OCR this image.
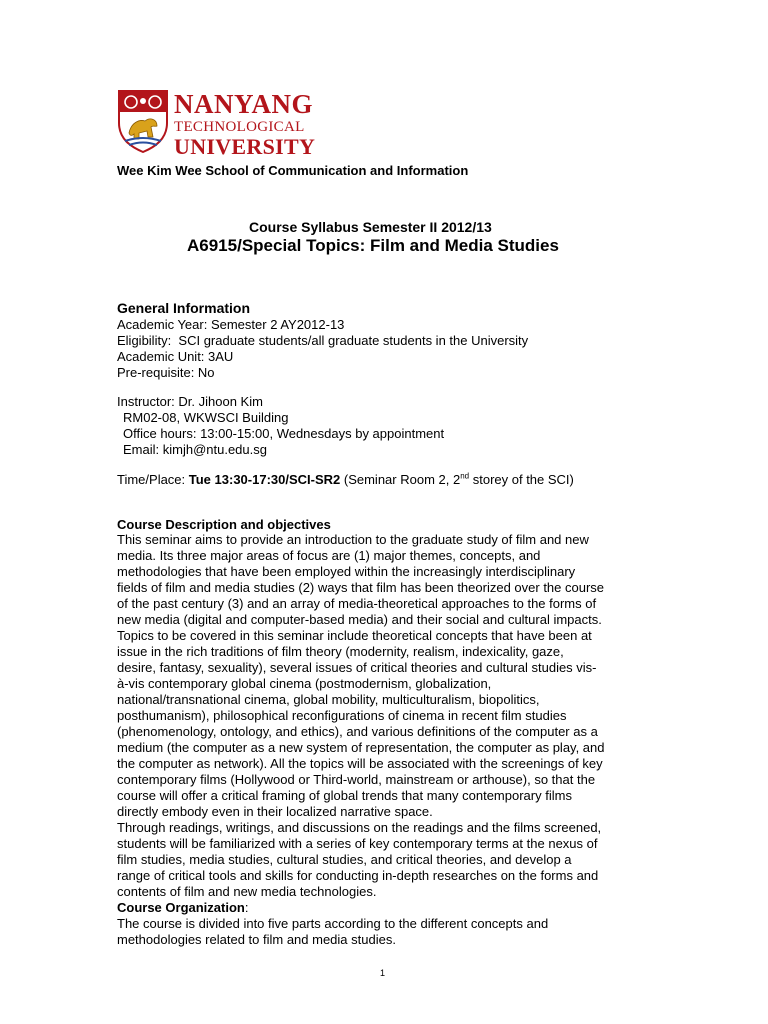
NANYANG
TECHNOLOGICAL
UNIVERSITY
Wee Kim Wee School of Communication and Information
Course Syllabus Semester II 2012/13
A6915/Special Topics: Film and Media Studies
General Information
Academic Year: Semester 2 AY2012-13
Eligibility:  SCI graduate students/all graduate students in the University
Academic Unit: 3AU
Pre-requisite: No
Instructor: Dr. Jihoon Kim
RM02-08, WKWSCI Building
Office hours: 13:00-15:00, Wednesdays by appointment
Email: kimjh@ntu.edu.sg
Time/Place: Tue 13:30-17:30/SCI-SR2 (Seminar Room 2, 2nd storey of the SCI)
Course Description and objectives
This seminar aims to provide an introduction to the graduate study of film and new
media. Its three major areas of focus are (1) major themes, concepts, and
methodologies that have been employed within the increasingly interdisciplinary
fields of film and media studies (2) ways that film has been theorized over the course
of the past century (3) and an array of media-theoretical approaches to the forms of
new media (digital and computer-based media) and their social and cultural impacts.
Topics to be covered in this seminar include theoretical concepts that have been at
issue in the rich traditions of film theory (modernity, realism, indexicality, gaze,
desire, fantasy, sexuality), several issues of critical theories and cultural studies vis-
à-vis contemporary global cinema (postmodernism, globalization,
national/transnational cinema, global mobility, multiculturalism, biopolitics,
posthumanism), philosophical reconfigurations of cinema in recent film studies
(phenomenology, ontology, and ethics), and various definitions of the computer as a
medium (the computer as a new system of representation, the computer as play, and
the computer as network). All the topics will be associated with the screenings of key
contemporary films (Hollywood or Third-world, mainstream or arthouse), so that the
course will offer a critical framing of global trends that many contemporary films
directly embody even in their localized narrative space.
Through readings, writings, and discussions on the readings and the films screened,
students will be familiarized with a series of key contemporary terms at the nexus of
film studies, media studies, cultural studies, and critical theories, and develop a
range of critical tools and skills for conducting in-depth researches on the forms and
contents of film and new media technologies.
Course Organization:
The course is divided into five parts according to the different concepts and
methodologies related to film and media studies.
1
